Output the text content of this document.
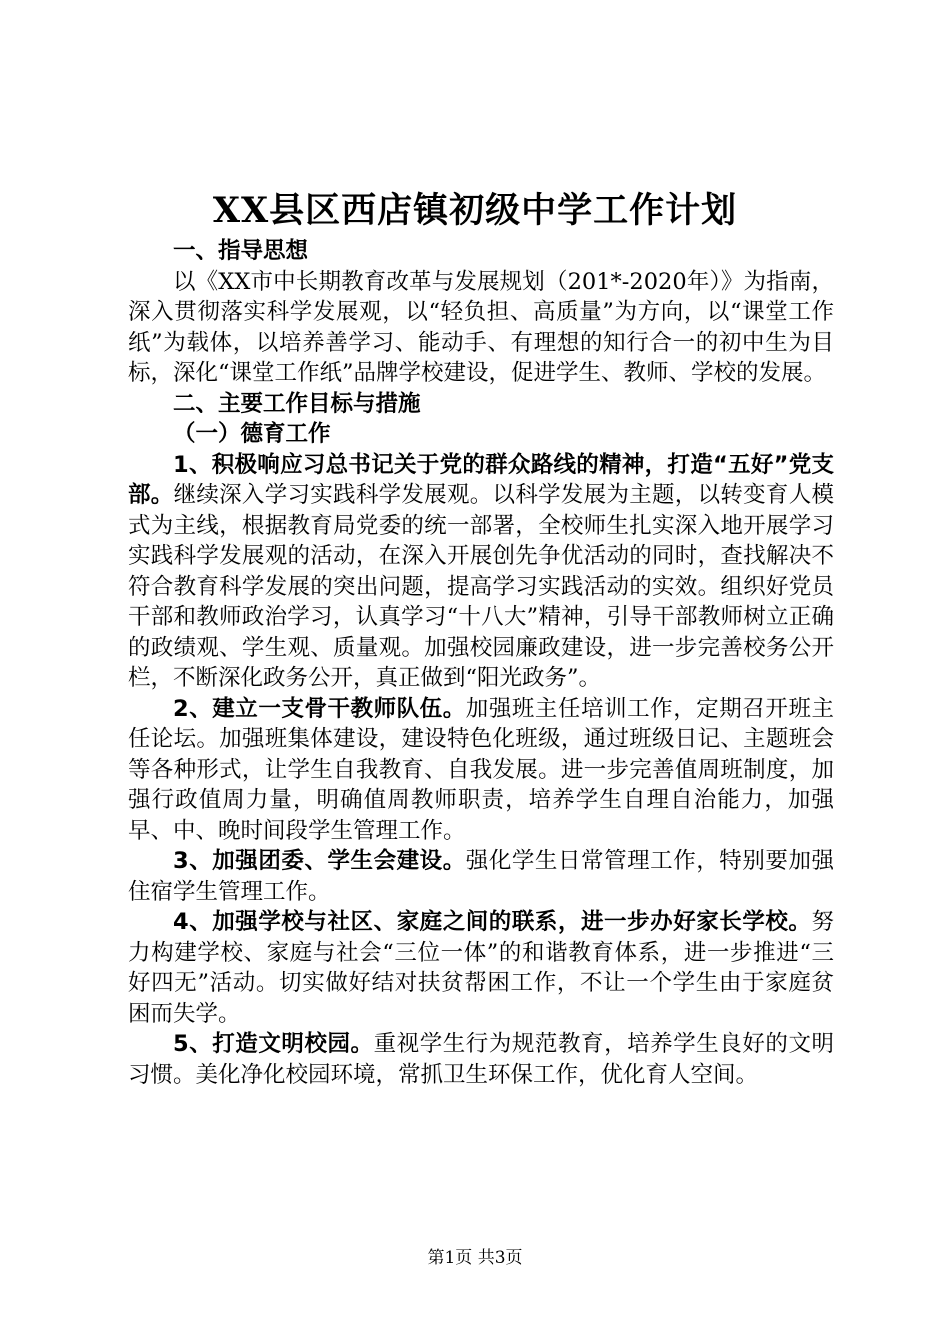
XX县区西店镇初级中学工作计划
一、指导思想

以《XX市中长期教育改革与发展规划（201*-2020年）》为指南，深入贯彻落实科学发展观，以“轻负担、高质量”为方向，以“课堂工作纸”为载体，以培养善学习、能动手、有理想的知行合一的初中生为目标，深化“课堂工作纸”品牌学校建设，促进学生、教师、学校的发展。

二、主要工作目标与措施
（一）德育工作

1、积极响应习总书记关于党的群众路线的精神，打造“五好”党支部。继续深入学习实践科学发展观。以科学发展为主题，以转变育人模式为主线，根据教育局党委的统一部署，全校师生扎实深入地开展学习实践科学发展观的活动，在深入开展创先争优活动的同时，查找解决不符合教育科学发展的突出问题，提高学习实践活动的实效。组织好党员干部和教师政治学习，认真学习“十八大”精神，引导干部教师树立正确的政绩观、学生观、质量观。加强校园廉政建设，进一步完善校务公开栏，不断深化政务公开，真正做到“阳光政务”。

2、建立一支骨干教师队伍。加强班主任培训工作，定期召开班主任论坛。加强班集体建设，建设特色化班级，通过班级日记、主题班会等各种形式，让学生自我教育、自我发展。进一步完善值周班制度，加强行政值周力量，明确值周教师职责，培养学生自理自治能力，加强早、中、晚时间段学生管理工作。

3、加强团委、学生会建设。强化学生日常管理工作，特别要加强住宿学生管理工作。

4、加强学校与社区、家庭之间的联系，进一步办好家长学校。努力构建学校、家庭与社会“三位一体”的和谐教育体系，进一步推进“三好四无”活动。切实做好结对扶贫帮困工作，不让一个学生由于家庭贫困而失学。

5、打造文明校园。重视学生行为规范教育，培养学生良好的文明习惯。美化净化校园环境，常抓卫生环保工作，优化育人空间。

第1页 共3页
